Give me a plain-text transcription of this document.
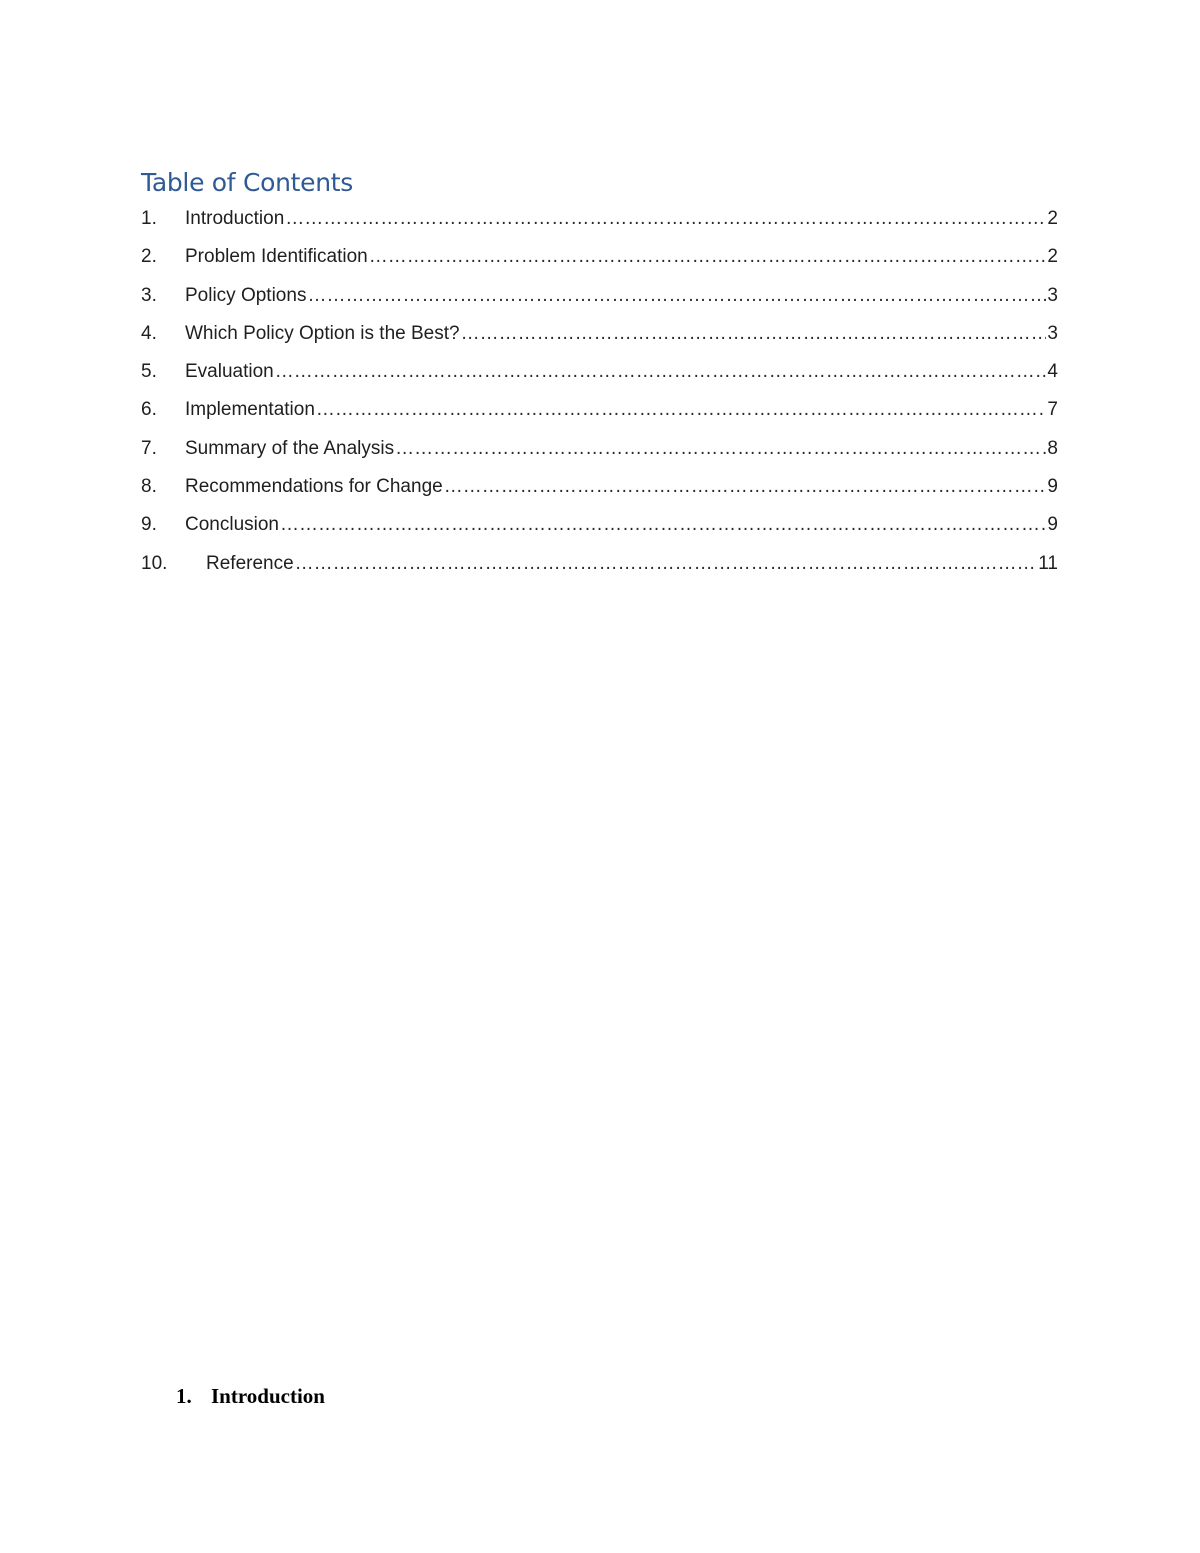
Table of Contents
1.	Introduction ……………………………………………………………………………………………………………………………………………………………………………………………………………………………………………………………………………………	2
2.	Problem Identification ……………………………………………………………………………………………………………………………………………………………………………………………………………………………………………………………………………………	2
3.	Policy Options ……………………………………………………………………………………………………………………………………………………………………………………………………………………………………………………………………………………	3
4.	Which Policy Option is the Best? ……………………………………………………………………………………………………………………………………………………………………………………………………………………………………………………………………………………	3
5.	Evaluation ……………………………………………………………………………………………………………………………………………………………………………………………………………………………………………………………………………………	4
6.	Implementation ……………………………………………………………………………………………………………………………………………………………………………………………………………………………………………………………………………………	7
7.	Summary of the Analysis ……………………………………………………………………………………………………………………………………………………………………………………………………………………………………………………………………………………	8
8.	Recommendations for Change ……………………………………………………………………………………………………………………………………………………………………………………………………………………………………………………………………………………	9
9.	Conclusion ……………………………………………………………………………………………………………………………………………………………………………………………………………………………………………………………………………………	9
10.	Reference ……………………………………………………………………………………………………………………………………………………………………………………………………………………………………………………………………………………	11
1. Introduction
